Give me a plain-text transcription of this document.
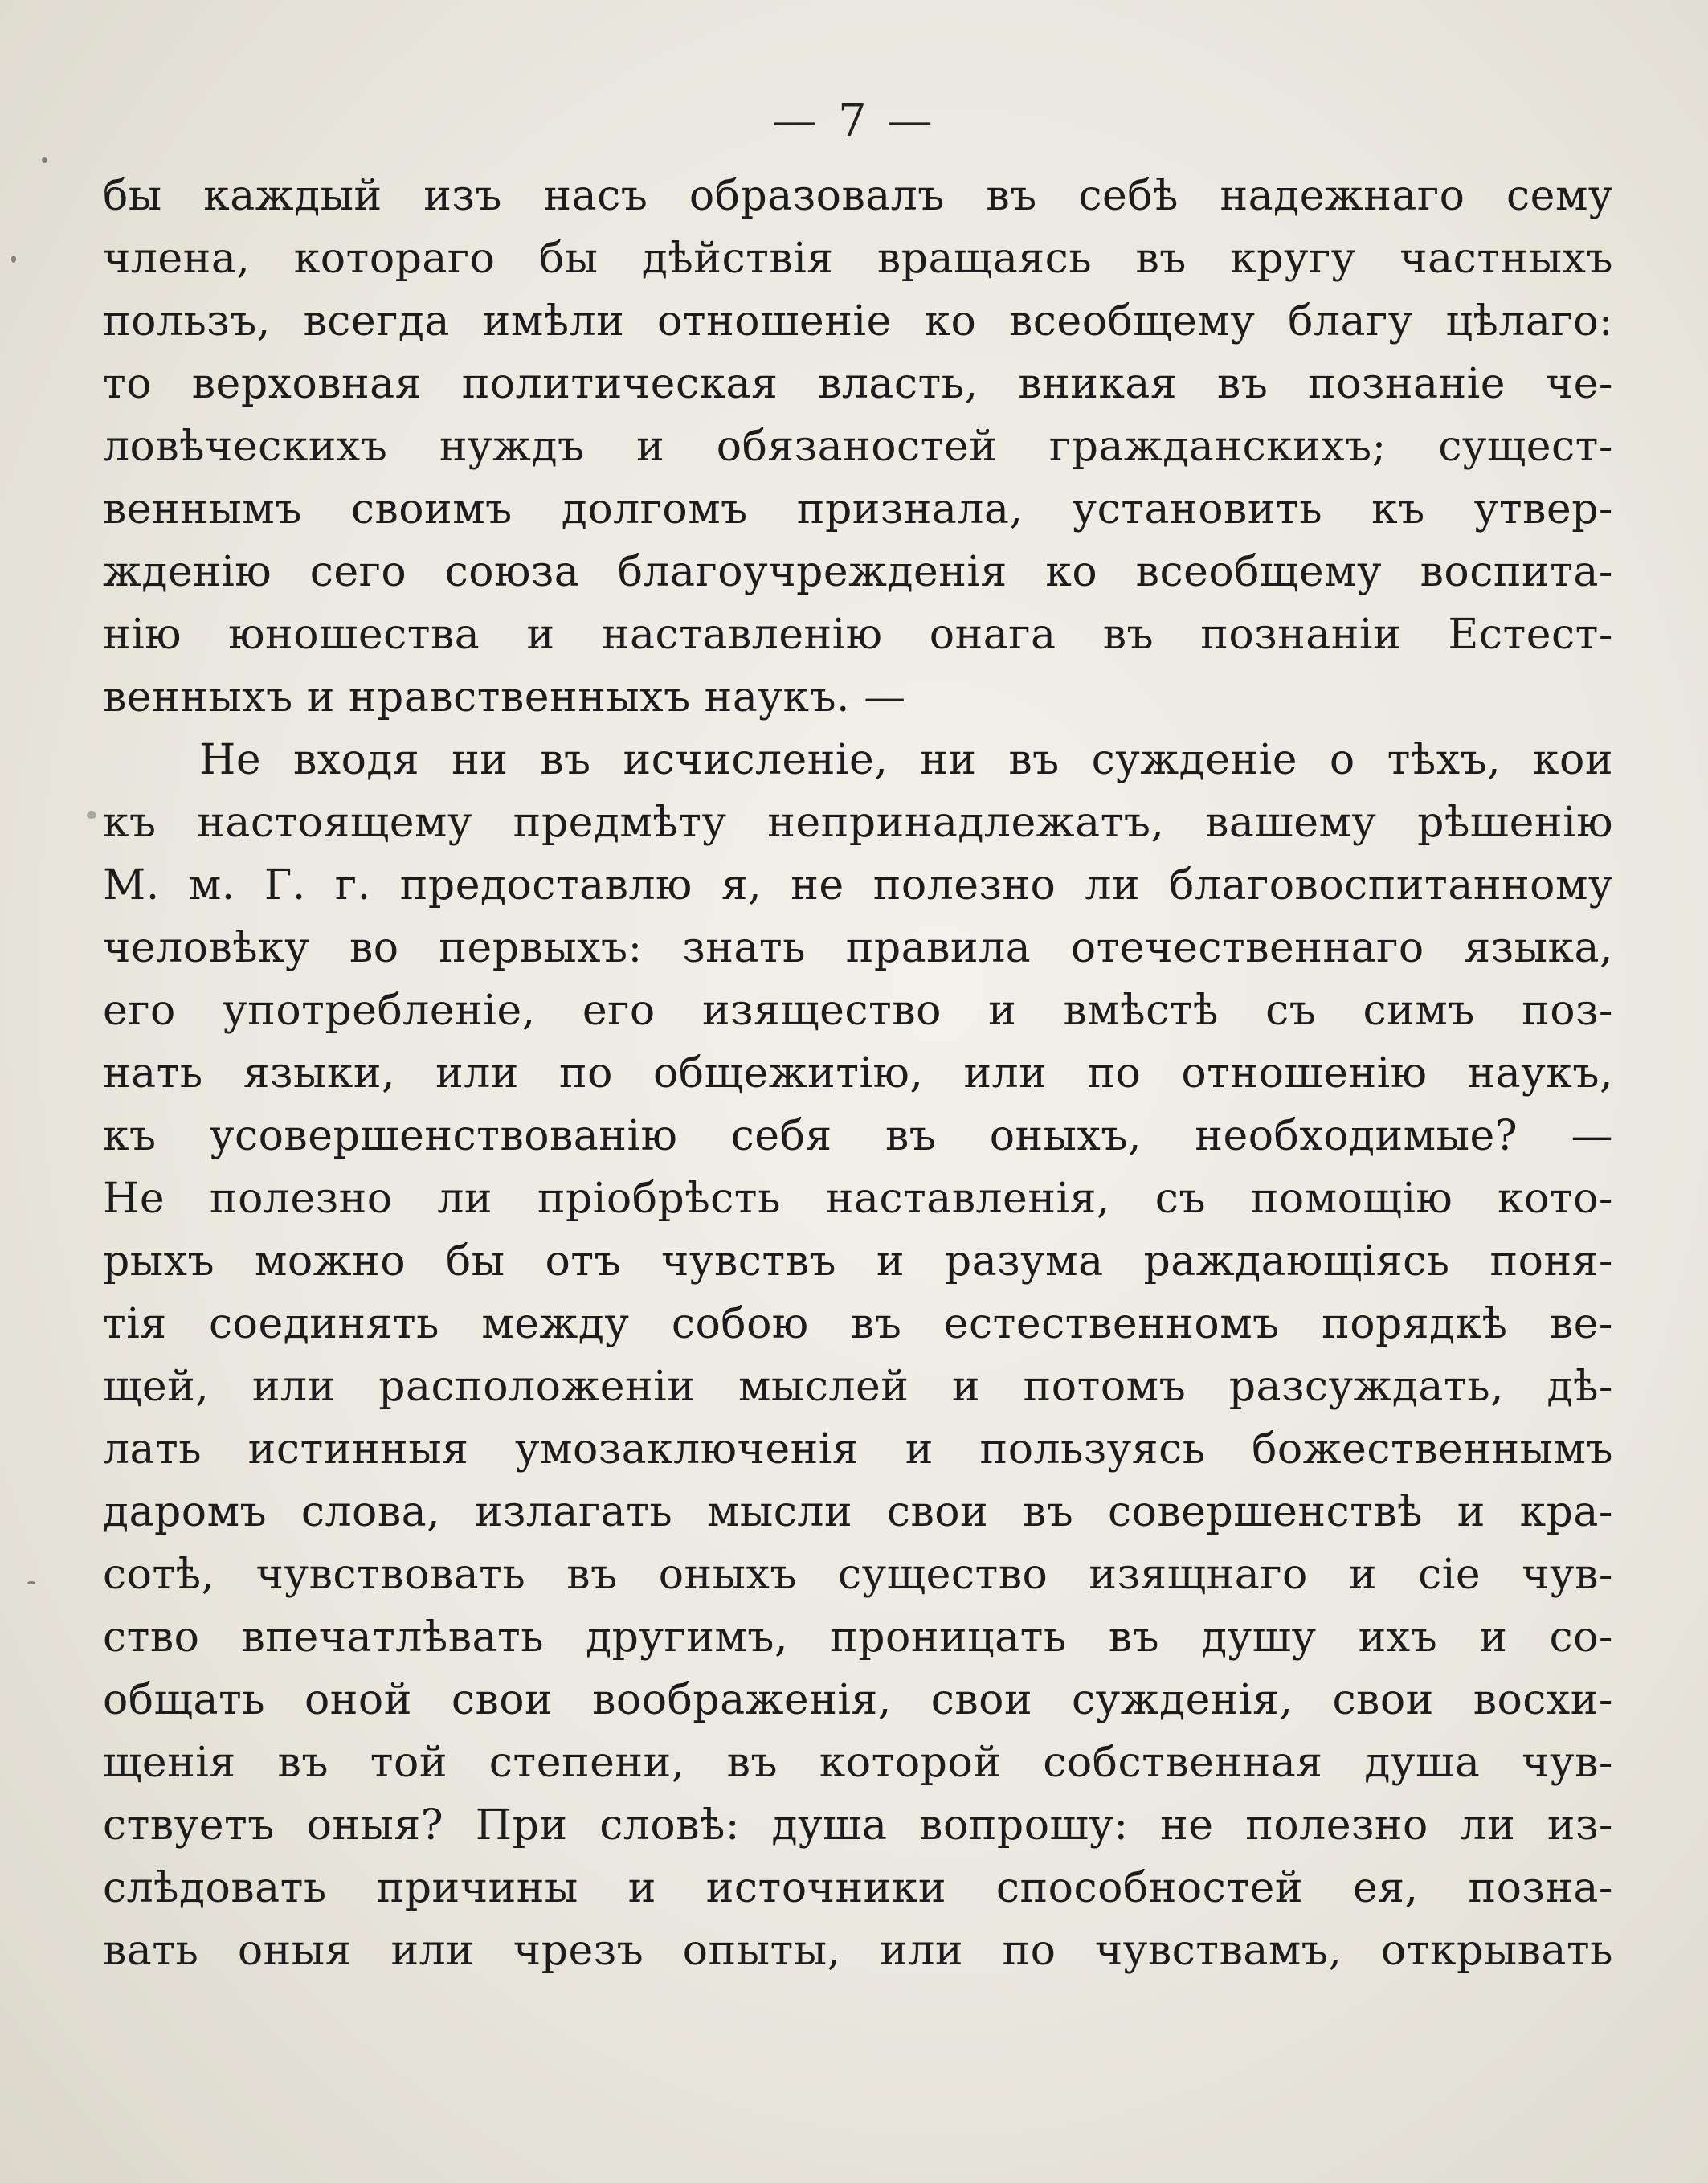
— 7 —
бы каждый изъ насъ образовалъ въ себѣ надежнаго сему
члена, котораго бы дѣйствія вращаясь въ кругу частныхъ
пользъ, всегда имѣли отношеніе ко всеобщему благу цѣлаго:
то верховная политическая власть, вникая въ познаніе че-
ловѣческихъ нуждъ и обязаностей гражданскихъ; сущест-
веннымъ своимъ долгомъ признала, установить къ утвер-
жденію сего союза благоучрежденія ко всеобщему воспита-
нію юношества и наставленію онага въ познаніи Естест-
венныхъ и нравственныхъ наукъ. —
Не входя ни въ исчисленіе, ни въ сужденіе о тѣхъ, кои
къ настоящему предмѣту непринадлежатъ, вашему рѣшенію
М. м. Г. г. предоставлю я, не полезно ли благовоспитанному
человѣку во первыхъ: знать правила отечественнаго языка,
его употребленіе, его изящество и вмѣстѣ съ симъ поз-
нать языки, или по общежитію, или по отношенію наукъ,
къ усовершенствованію себя въ оныхъ, необходимые? —
Не полезно ли пріобрѣсть наставленія, съ помощію кото-
рыхъ можно бы отъ чувствъ и разума раждающіясь поня-
тія соединять между собою въ естественномъ порядкѣ ве-
щей, или расположеніи мыслей и потомъ разсуждать, дѣ-
лать истинныя умозаключенія и пользуясь божественнымъ
даромъ слова, излагать мысли свои въ совершенствѣ и кра-
сотѣ, чувствовать въ оныхъ существо изящнаго и сіе чув-
ство впечатлѣвать другимъ, проницать въ душу ихъ и со-
общать оной свои воображенія, свои сужденія, свои восхи-
щенія въ той степени, въ которой собственная душа чув-
ствуетъ оныя? При словѣ: душа вопрошу: не полезно ли из-
слѣдовать причины и источники способностей ея, позна-
вать оныя или чрезъ опыты, или по чувствамъ, открывать
